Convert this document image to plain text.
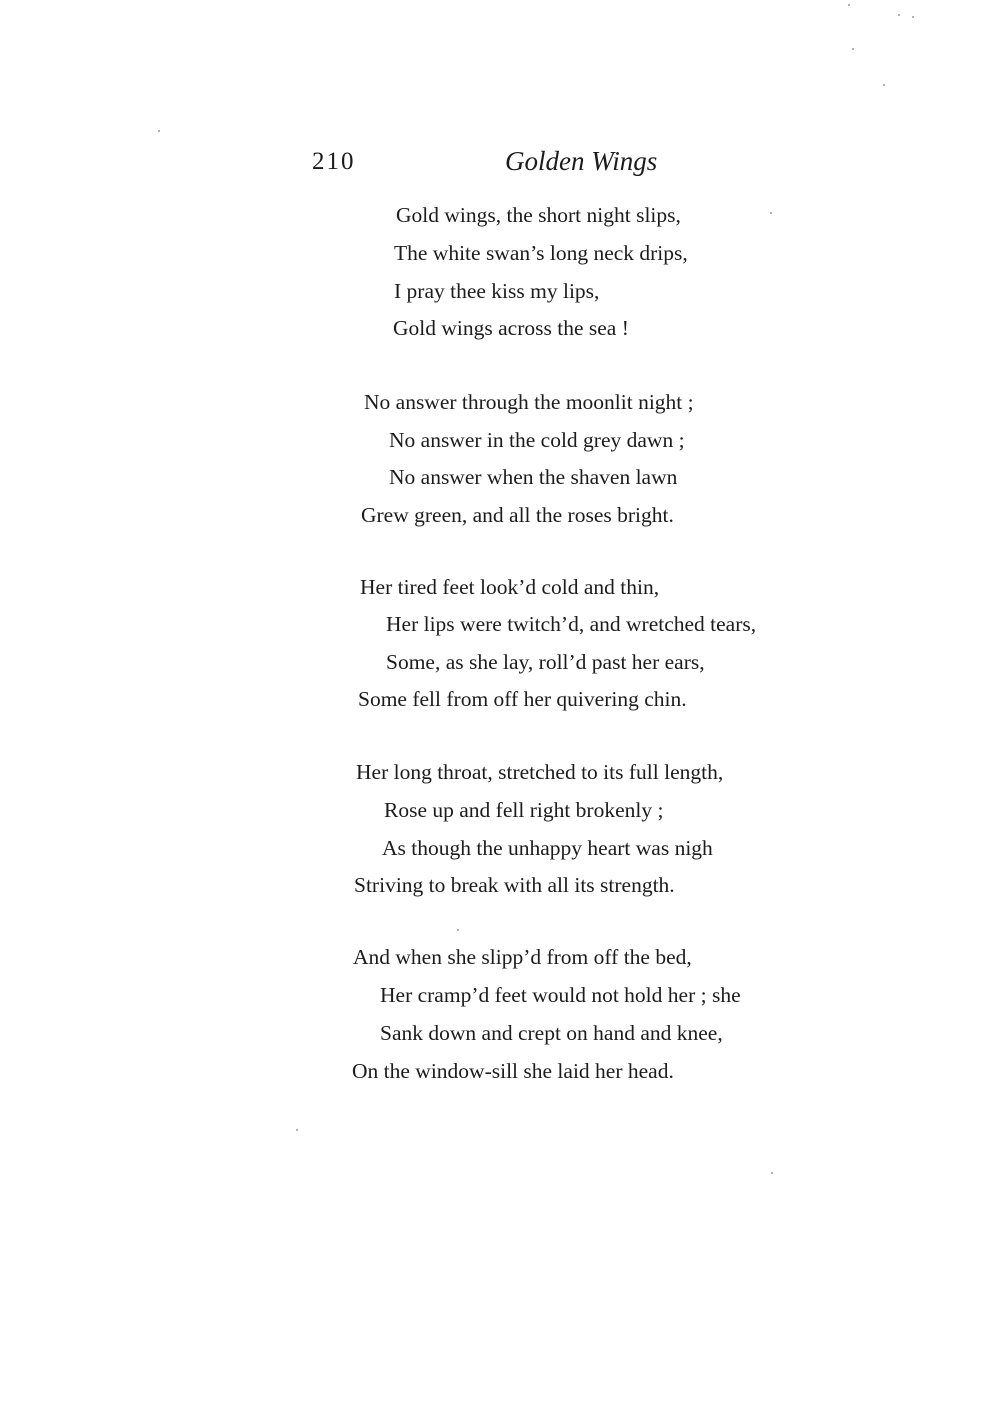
210	Golden Wings
Gold wings, the short night slips,
The white swan’s long neck drips,
I pray thee kiss my lips,
Gold wings across the sea !
No answer through the moonlit night ;
No answer in the cold grey dawn ;
No answer when the shaven lawn
Grew green, and all the roses bright.
Her tired feet look’d cold and thin,
Her lips were twitch’d, and wretched tears,
Some, as she lay, roll’d past her ears,
Some fell from off her quivering chin.
Her long throat, stretched to its full length,
Rose up and fell right brokenly ;
As though the unhappy heart was nigh
Striving to break with all its strength.
And when she slipp’d from off the bed,
Her cramp’d feet would not hold her ; she
Sank down and crept on hand and knee,
On the window-sill she laid her head.
